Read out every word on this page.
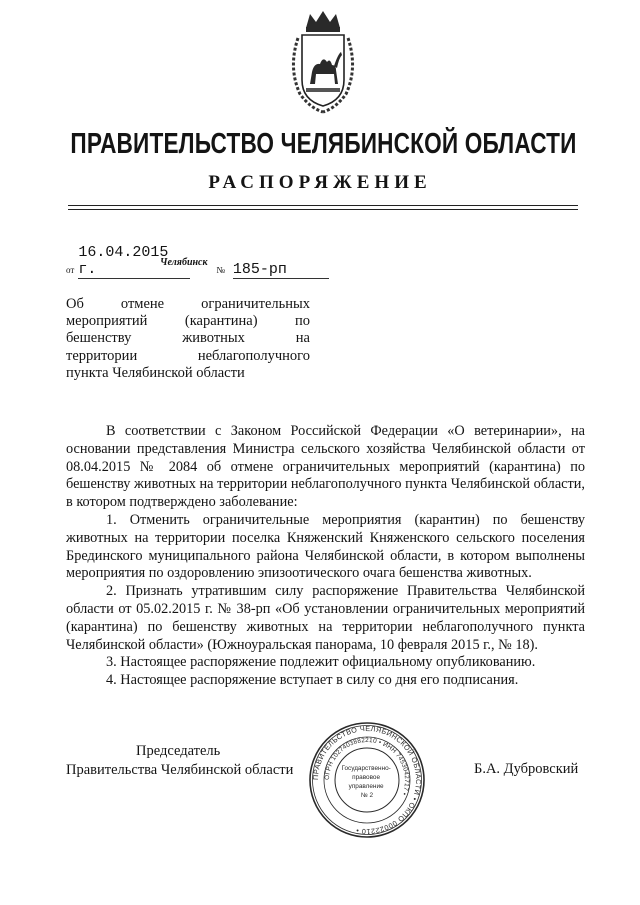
ПРАВИТЕЛЬСТВО ЧЕЛЯБИНСКОЙ ОБЛАСТИ
РАСПОРЯЖЕНИЕ
от 16.04.2015 г.	№ 185-рп
Челябинск
Об отмене ограничительных
мероприятий (карантина) по
бешенству животных на
территории неблагополучного
пункта Челябинской области

В соответствии с Законом Российской Федерации «О ветеринарии», на основании представления Министра сельского хозяйства Челябинской области от 08.04.2015 № 2084 об отмене ограничительных мероприятий (карантина) по бешенству животных на территории неблагополучного пункта Челябинской области, в котором подтверждено заболевание:

1. Отменить ограничительные мероприятия (карантин) по бешенству животных на территории поселка Княженский Княженского сельского поселения Брединского муниципального района Челябинской области, в котором выполнены мероприятия по оздоровлению эпизоотического очага бешенства животных.

2. Признать утратившим силу распоряжение Правительства Челябинской области от 05.02.2015 г. № 38-рп «Об установлении ограничительных мероприятий (карантина) по бешенству животных на территории неблагополучного пункта Челябинской области» (Южноуральская панорама, 10 февраля 2015 г., № 18).

3. Настоящее распоряжение подлежит официальному опубликованию.

4. Настоящее распоряжение вступает в силу со дня его подписания.

Председатель
Правительства Челябинской области	Б.А. Дубровский
ПРАВИТЕЛЬСТВО ЧЕЛЯБИНСКОЙ ОБЛАСТИ • ОКПО 00022210 •
ОГРН 1027403882210 • ИНН 7453042717 •
Государственно- правовое управление № 2
